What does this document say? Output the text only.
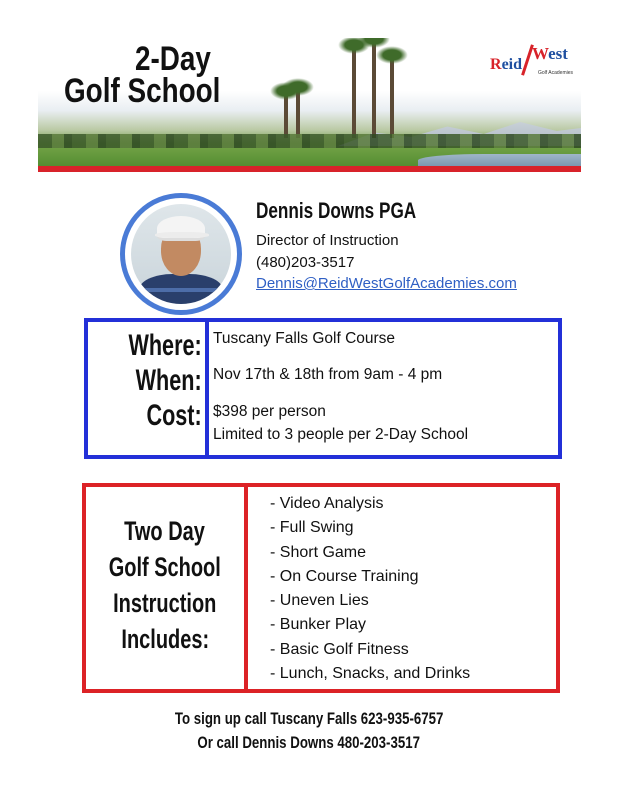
2-Day
Golf School
Reid
West
Golf Academies
Dennis Downs PGA
Director of Instruction
(480)203-3517
Dennis@ReidWestGolfAcademies.com
Where: Tuscany Falls Golf Course
When: Nov 17th & 18th from 9am - 4 pm
Cost: $398 per person
Limited to 3 people per 2-Day School
Two Day
Golf School
Instruction
Includes:
- Video Analysis
- Full Swing
- Short Game
- On Course Training
- Uneven Lies
- Bunker Play
- Basic Golf Fitness
- Lunch, Snacks, and Drinks
To sign up call Tuscany Falls 623-935-6757
Or call Dennis Downs 480-203-3517
